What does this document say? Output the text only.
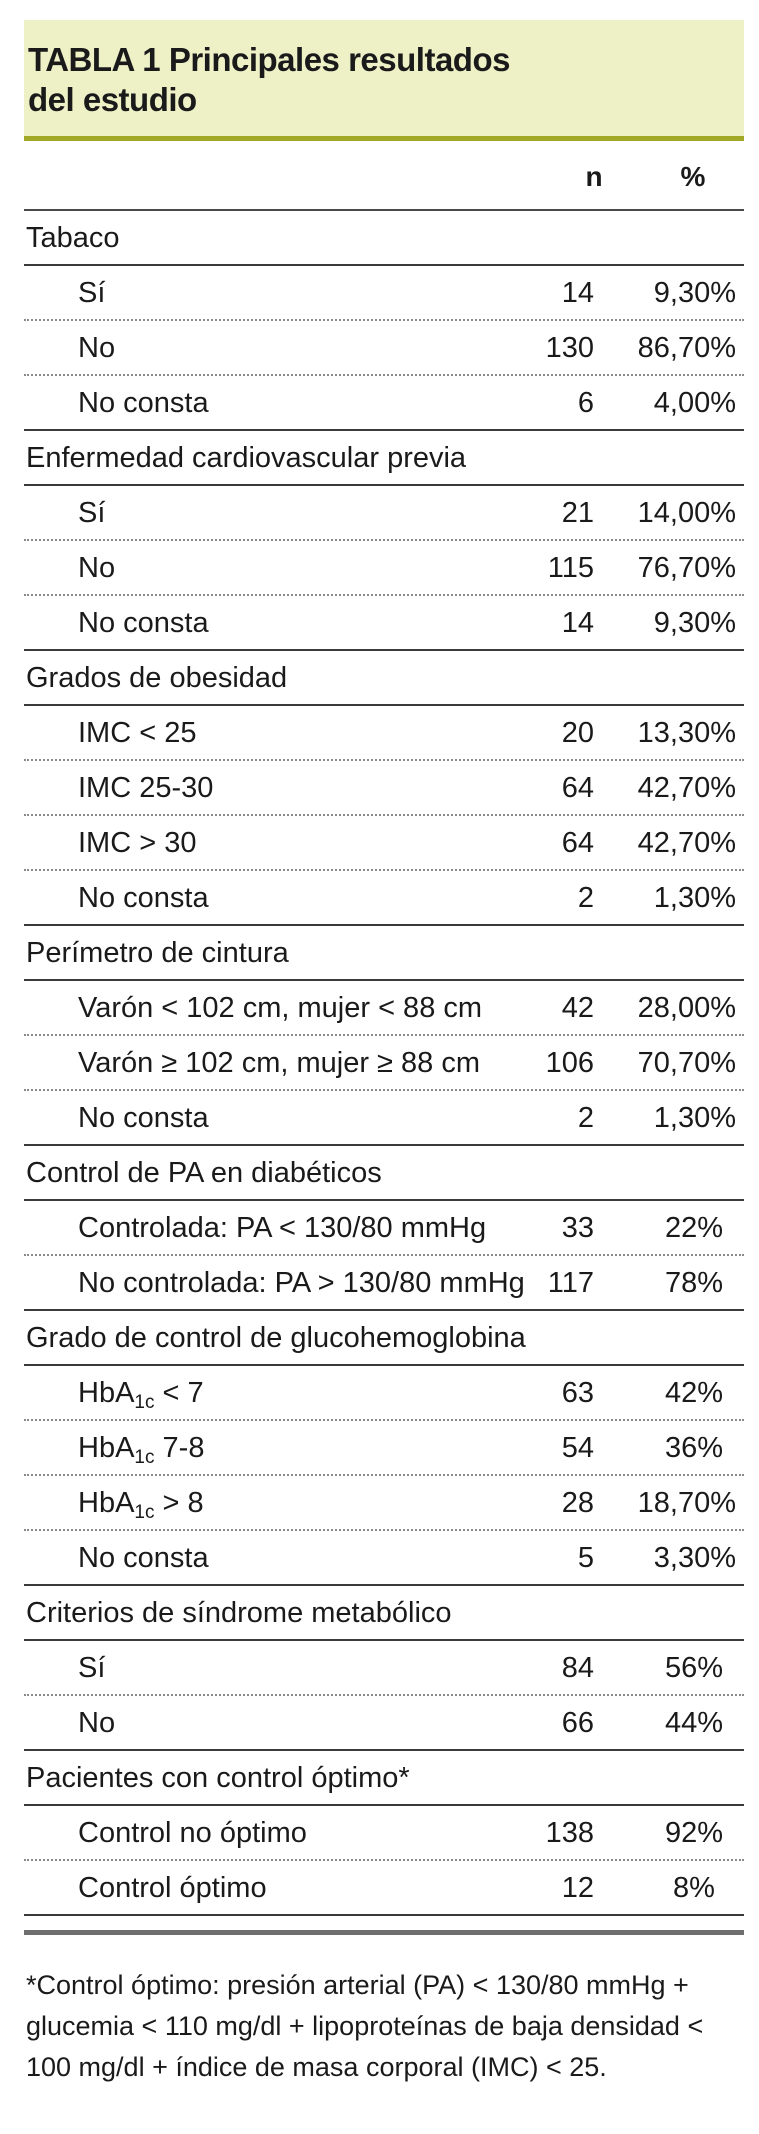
TABLA 1 Principales resultados
del estudio
n	%
Tabaco
Sí	14 9,30%
No	130 86,70%
No consta	6 4,00%
Enfermedad cardiovascular previa
Sí	21 14,00%
No	115 76,70%
No consta	14 9,30%
Grados de obesidad
IMC < 25	20 13,30%
IMC 25-30	64 42,70%
IMC > 30	64 42,70%
No consta	2 1,30%
Perímetro de cintura
Varón < 102 cm, mujer < 88 cm	42 28,00%
Varón ≥ 102 cm, mujer ≥ 88 cm 106 70,70%
No consta	2 1,30%
Control de PA en diabéticos
Controlada: PA < 130/80 mmHg	33	22%
No controlada: PA > 130/80 mmHg 117	78%
Grado de control de glucohemoglobina
HbA$_{1c}$ < 7	63	42%
HbA$_{1c}$ 7-8	54	36%
HbA$_{1c}$ > 8	28 18,70%
No consta	5 3,30%
Criterios de síndrome metabólico
Sí	84	56%
No	66	44%
Pacientes con control óptimo*
Control no óptimo	138	92%
Control óptimo	12	8%
*Control óptimo: presión arterial (PA) < 130/80 mmHg + glucemia < 110 mg/dl + lipoproteínas de baja densidad < 100 mg/dl + índice de masa corporal (IMC) < 25.
